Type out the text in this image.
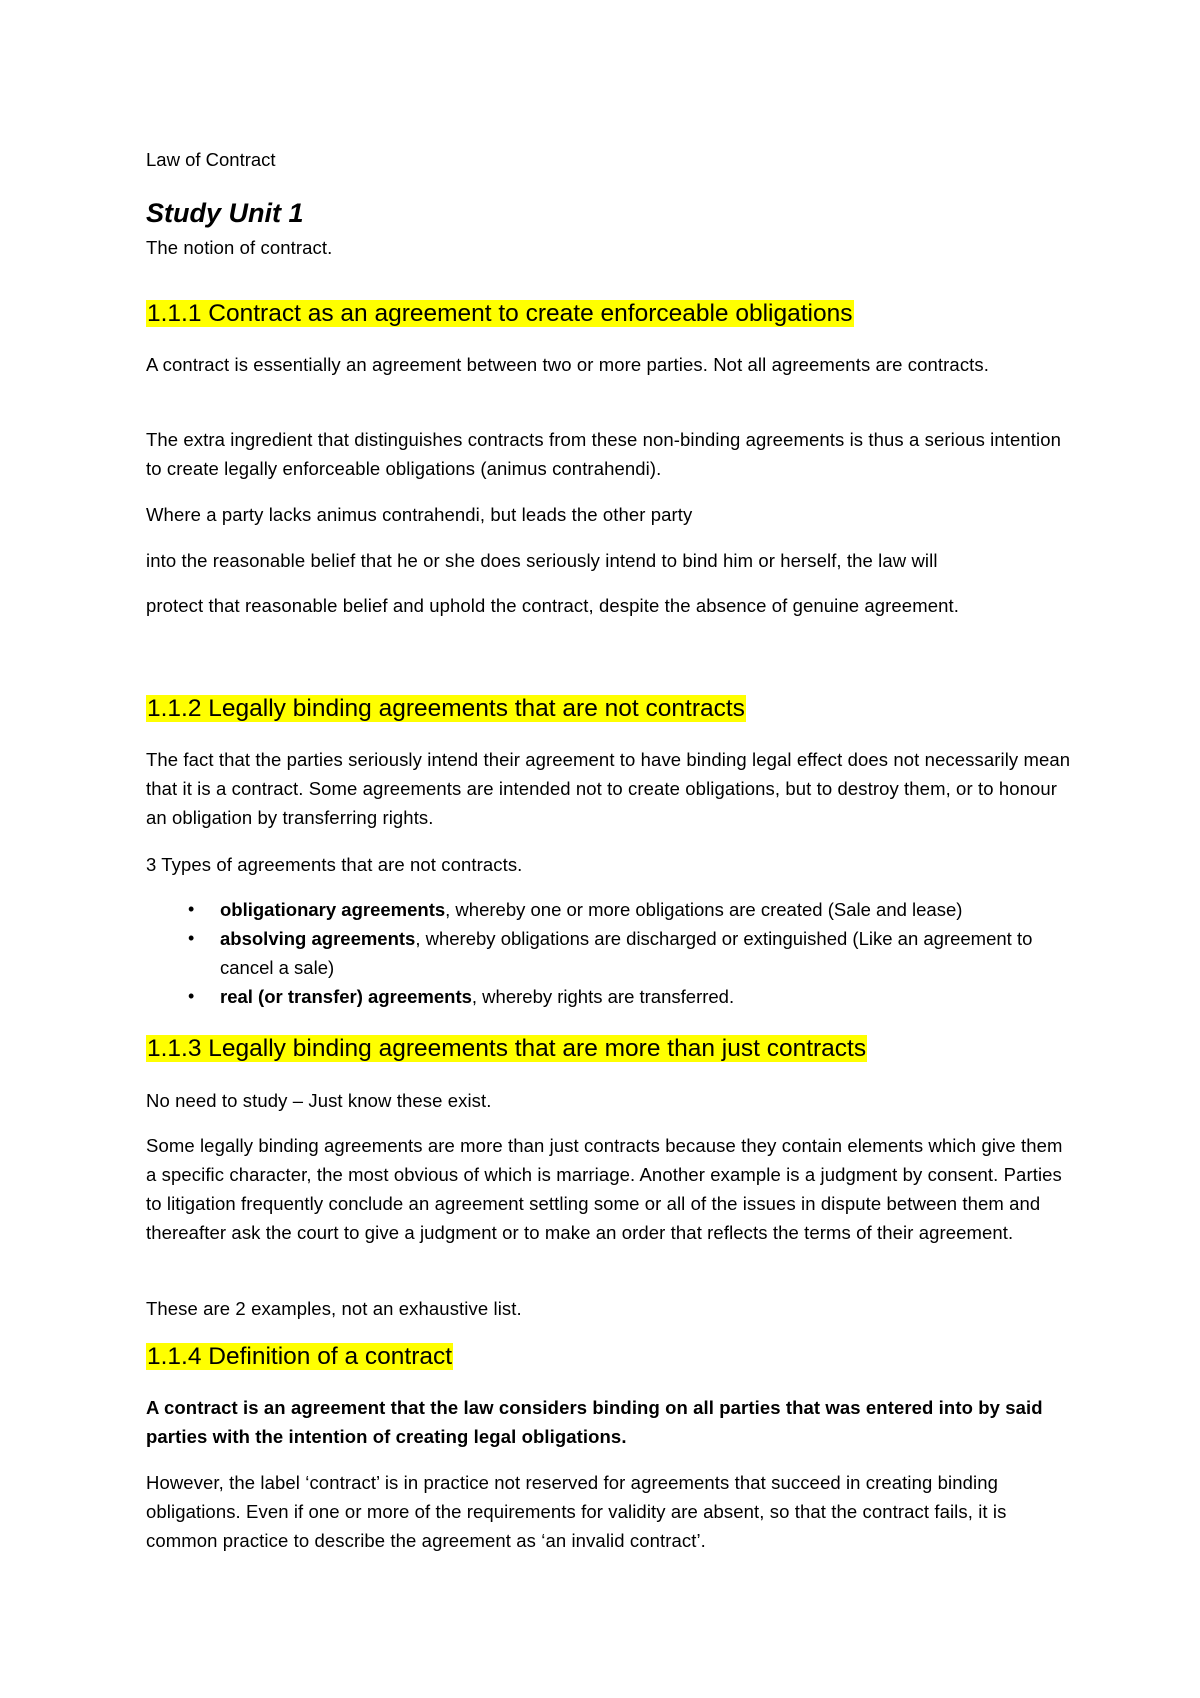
Law of Contract

Study Unit 1

The notion of contract.

1.1.1 Contract as an agreement to create enforceable obligations

A contract is essentially an agreement between two or more parties. Not all agreements are contracts.

The extra ingredient that distinguishes contracts from these non-binding agreements is thus a serious intention to create legally enforceable obligations (animus contrahendi).

Where a party lacks animus contrahendi, but leads the other party

into the reasonable belief that he or she does seriously intend to bind him or herself, the law will

protect that reasonable belief and uphold the contract, despite the absence of genuine agreement.

1.1.2 Legally binding agreements that are not contracts

The fact that the parties seriously intend their agreement to have binding legal effect does not necessarily mean that it is a contract. Some agreements are intended not to create obligations, but to destroy them, or to honour an obligation by transferring rights.

3 Types of agreements that are not contracts.

• obligationary agreements, whereby one or more obligations are created (Sale and lease)
• absolving agreements, whereby obligations are discharged or extinguished (Like an agreement to cancel a sale)
• real (or transfer) agreements, whereby rights are transferred.

1.1.3 Legally binding agreements that are more than just contracts

No need to study – Just know these exist.

Some legally binding agreements are more than just contracts because they contain elements which give them a specific character, the most obvious of which is marriage. Another example is a judgment by consent. Parties to litigation frequently conclude an agreement settling some or all of the issues in dispute between them and thereafter ask the court to give a judgment or to make an order that reflects the terms of their agreement.

These are 2 examples, not an exhaustive list.

1.1.4 Definition of a contract

A contract is an agreement that the law considers binding on all parties that was entered into by said parties with the intention of creating legal obligations.

However, the label ‘contract’ is in practice not reserved for agreements that succeed in creating binding obligations. Even if one or more of the requirements for validity are absent, so that the contract fails, it is common practice to describe the agreement as ‘an invalid contract’.
